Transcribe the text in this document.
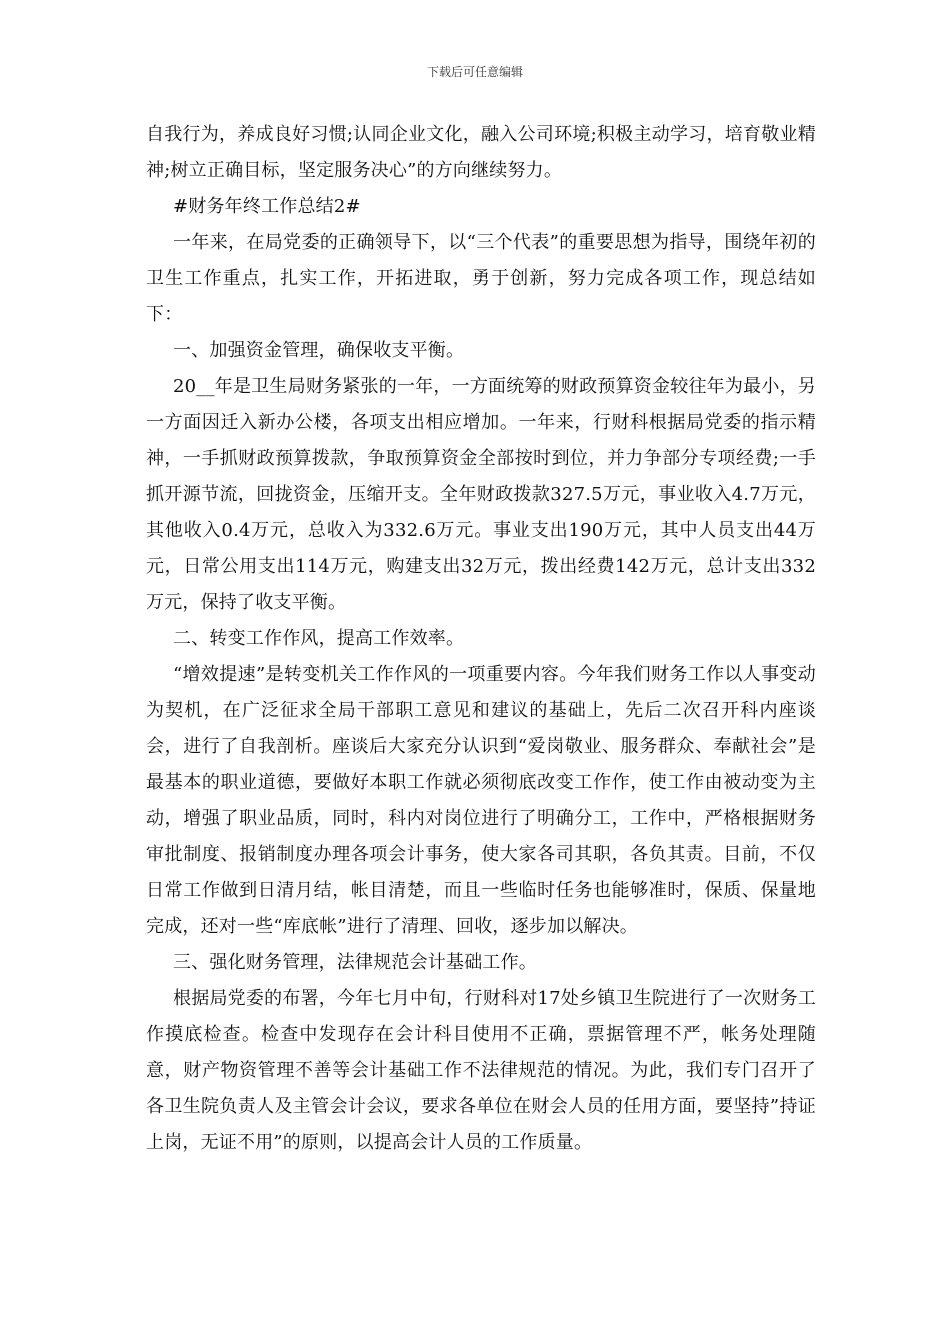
下载后可任意编辑

自我行为，养成良好习惯;认同企业文化，融入公司环境;积极主动学习，培育敬业精神;树立正确目标，坚定服务决心”的方向继续努力。

#财务年终工作总结2#

一年来，在局党委的正确领导下，以“三个代表”的重要思想为指导，围绕年初的卫生工作重点，扎实工作，开拓进取，勇于创新，努力完成各项工作，现总结如下：

一、加强资金管理，确保收支平衡。

20__年是卫生局财务紧张的一年，一方面统筹的财政预算资金较往年为最小，另一方面因迁入新办公楼，各项支出相应增加。一年来，行财科根据局党委的指示精神，一手抓财政预算拨款，争取预算资金全部按时到位，并力争部分专项经费;一手抓开源节流，回拢资金，压缩开支。全年财政拨款327.5万元，事业收入4.7万元，其他收入0.4万元，总收入为332.6万元。事业支出190万元，其中人员支出44万元，日常公用支出114万元，购建支出32万元，拨出经费142万元，总计支出332万元，保持了收支平衡。

二、转变工作作风，提高工作效率。

“增效提速”是转变机关工作作风的一项重要内容。今年我们财务工作以人事变动为契机，在广泛征求全局干部职工意见和建议的基础上，先后二次召开科内座谈会，进行了自我剖析。座谈后大家充分认识到“爱岗敬业、服务群众、奉献社会”是最基本的职业道德，要做好本职工作就必须彻底改变工作作，使工作由被动变为主动，增强了职业品质，同时，科内对岗位进行了明确分工，工作中，严格根据财务审批制度、报销制度办理各项会计事务，使大家各司其职，各负其责。目前，不仅日常工作做到日清月结，帐目清楚，而且一些临时任务也能够准时，保质、保量地完成，还对一些“库底帐”进行了清理、回收，逐步加以解决。

三、强化财务管理，法律规范会计基础工作。

根据局党委的布署，今年七月中旬，行财科对17处乡镇卫生院进行了一次财务工作摸底检查。检查中发现存在会计科目使用不正确，票据管理不严，帐务处理随意，财产物资管理不善等会计基础工作不法律规范的情况。为此，我们专门召开了各卫生院负责人及主管会计会议，要求各单位在财会人员的任用方面，要坚持”持证上岗，无证不用”的原则，以提高会计人员的工作质量。
